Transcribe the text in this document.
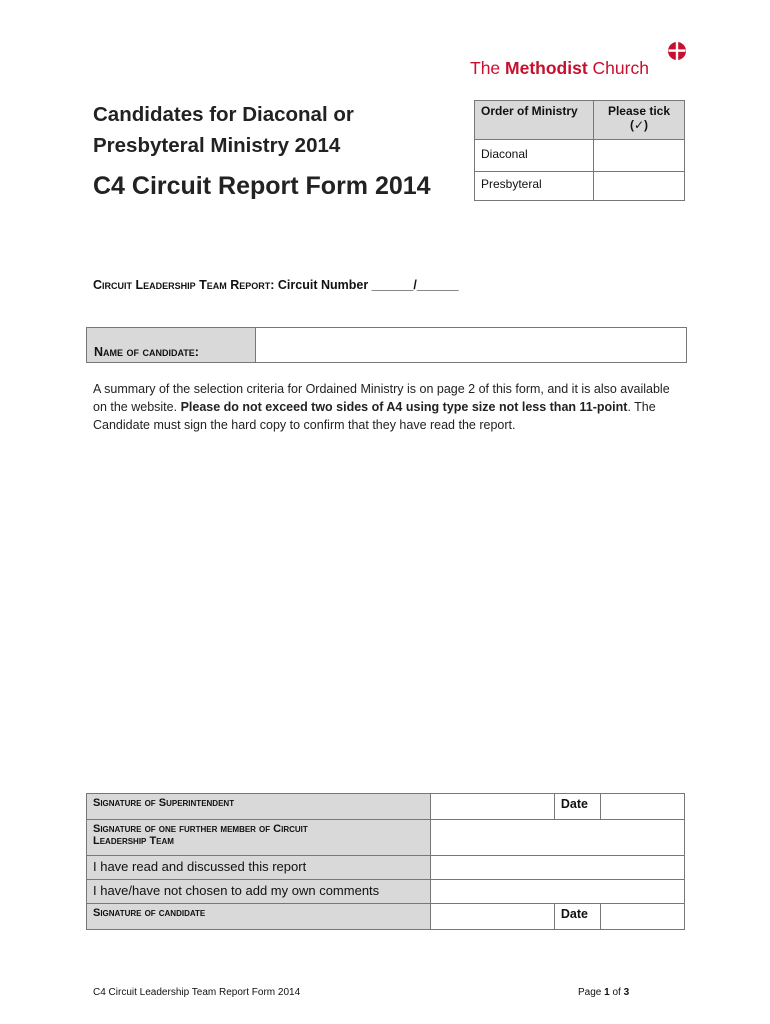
The Methodist Church
Candidates for Diaconal or
Presbyteral Ministry 2014
C4 Circuit Report Form 2014
Order of Ministry	Please tick
(✓)

Diaconal	
Presbyteral	
Circuit Leadership Team Report: Circuit Number ______/______
Name of candidate:
A summary of the selection criteria for Ordained Ministry is on page 2 of this form, and it is also available on the website. Please do not exceed two sides of A4 using type size not less than 11-point. The Candidate must sign the hard copy to confirm that they have read the report.
Signature of Superintendent		Date	

Signature of one further member of Circuit
Leadership Team			

I have read and discussed this report			
I have/have not chosen to add my own comments			
Signature of candidate		Date	
C4 Circuit Leadership Team Report Form 2014	Page 1 of 3
